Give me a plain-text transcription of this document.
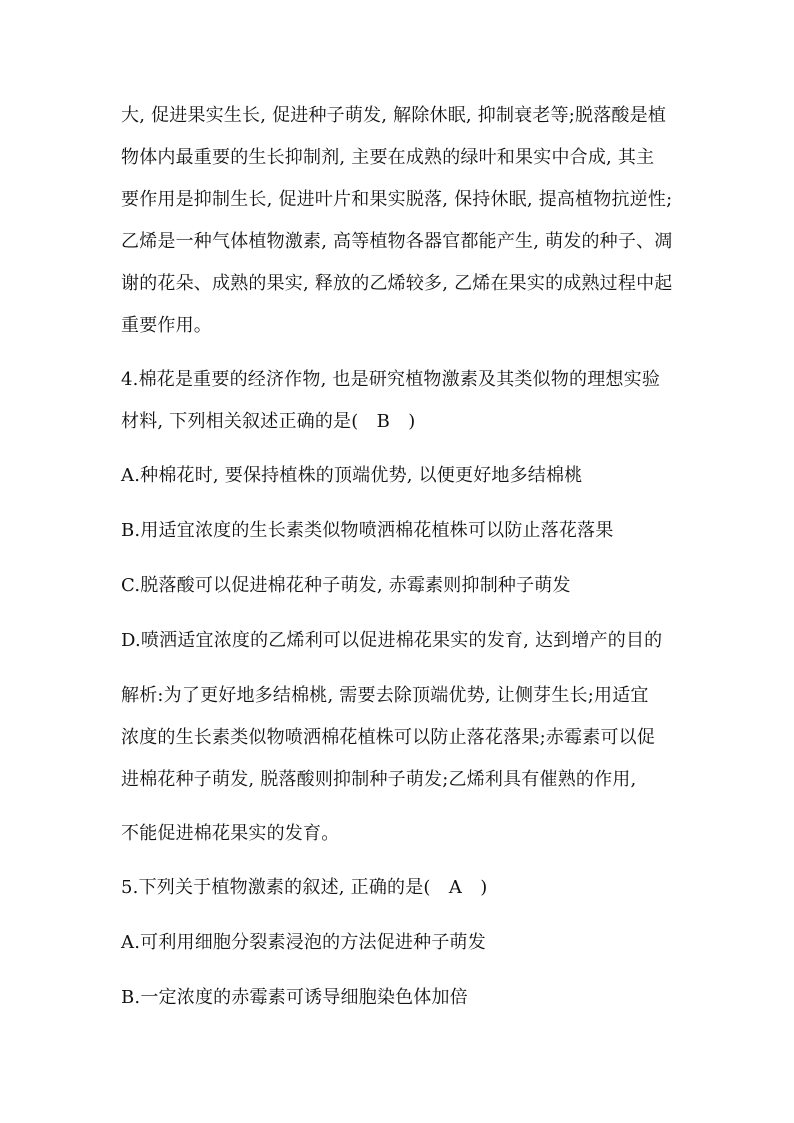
大, 促进果实生长, 促进种子萌发, 解除休眠, 抑制衰老等;脱落酸是植
物体内最重要的生长抑制剂, 主要在成熟的绿叶和果实中合成, 其主
要作用是抑制生长, 促进叶片和果实脱落, 保持休眠, 提高植物抗逆性;
乙烯是一种气体植物激素, 高等植物各器官都能产生, 萌发的种子、凋
谢的花朵、成熟的果实, 释放的乙烯较多, 乙烯在果实的成熟过程中起
重要作用。
4.棉花是重要的经济作物, 也是研究植物激素及其类似物的理想实验
材料, 下列相关叙述正确的是(　B　)
A.种棉花时, 要保持植株的顶端优势, 以便更好地多结棉桃
B.用适宜浓度的生长素类似物喷洒棉花植株可以防止落花落果
C.脱落酸可以促进棉花种子萌发, 赤霉素则抑制种子萌发
D.喷洒适宜浓度的乙烯利可以促进棉花果实的发育, 达到增产的目的
解析:为了更好地多结棉桃, 需要去除顶端优势, 让侧芽生长;用适宜
浓度的生长素类似物喷洒棉花植株可以防止落花落果;赤霉素可以促
进棉花种子萌发, 脱落酸则抑制种子萌发;乙烯利具有催熟的作用,
不能促进棉花果实的发育。
5.下列关于植物激素的叙述, 正确的是(　A　)
A.可利用细胞分裂素浸泡的方法促进种子萌发
B.一定浓度的赤霉素可诱导细胞染色体加倍
